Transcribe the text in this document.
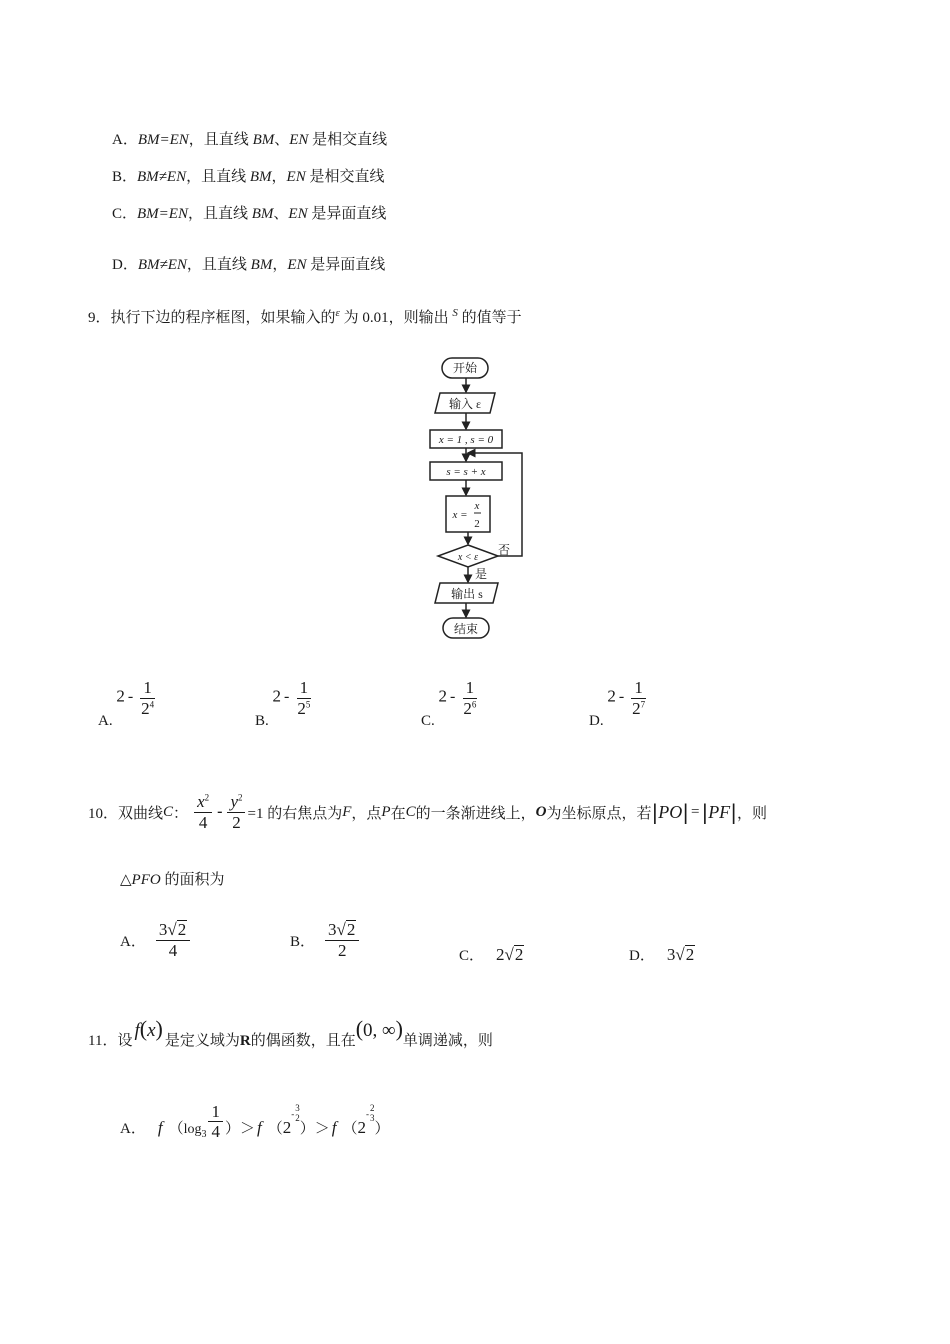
A．BM=EN，且直线 BM、EN 是相交直线
B．BM≠EN，且直线 BM，EN 是相交直线
C．BM=EN，且直线 BM、EN 是异面直线
D．BM≠EN，且直线 BM，EN 是异面直线
9．执行下边的程序框图，如果输入的$^\varepsilon$ 为 0.01，则输出 $^S$ 的值等于
开始
输入 ε
x = 1 , s = 0
s = s + x
x =
x
2
x < ε
否
是
输出 s
结束
A. $2 - \frac{1}{2^4}$
B. $2 - \frac{1}{2^5}$
C. $2 - \frac{1}{2^6}$
D. $2 - \frac{1}{2^7}$
10． 双曲线 C ： $\frac{x^2}{4} - \frac{y^2}{2} =1$ 的右焦点为 F ，点 P 在 C 的一条渐进线上， O 为坐标原点，若 | PO | = | PF | ，则
△PFO 的面积为
A． $\frac{3 √ 2}{4}$	B． $\frac{3 √ 2}{2}$	C． 2 √ 2	D． 3 √ 2
11． 设 f(x) 是定义域为 R 的偶函数，且在 (0, ∞) 单调递减，则
A． f （ $\log 3 \frac{1}{4}$ ） ＞ f （ 2
-
3
2
） ＞ f （ 2
-
2
3
）
